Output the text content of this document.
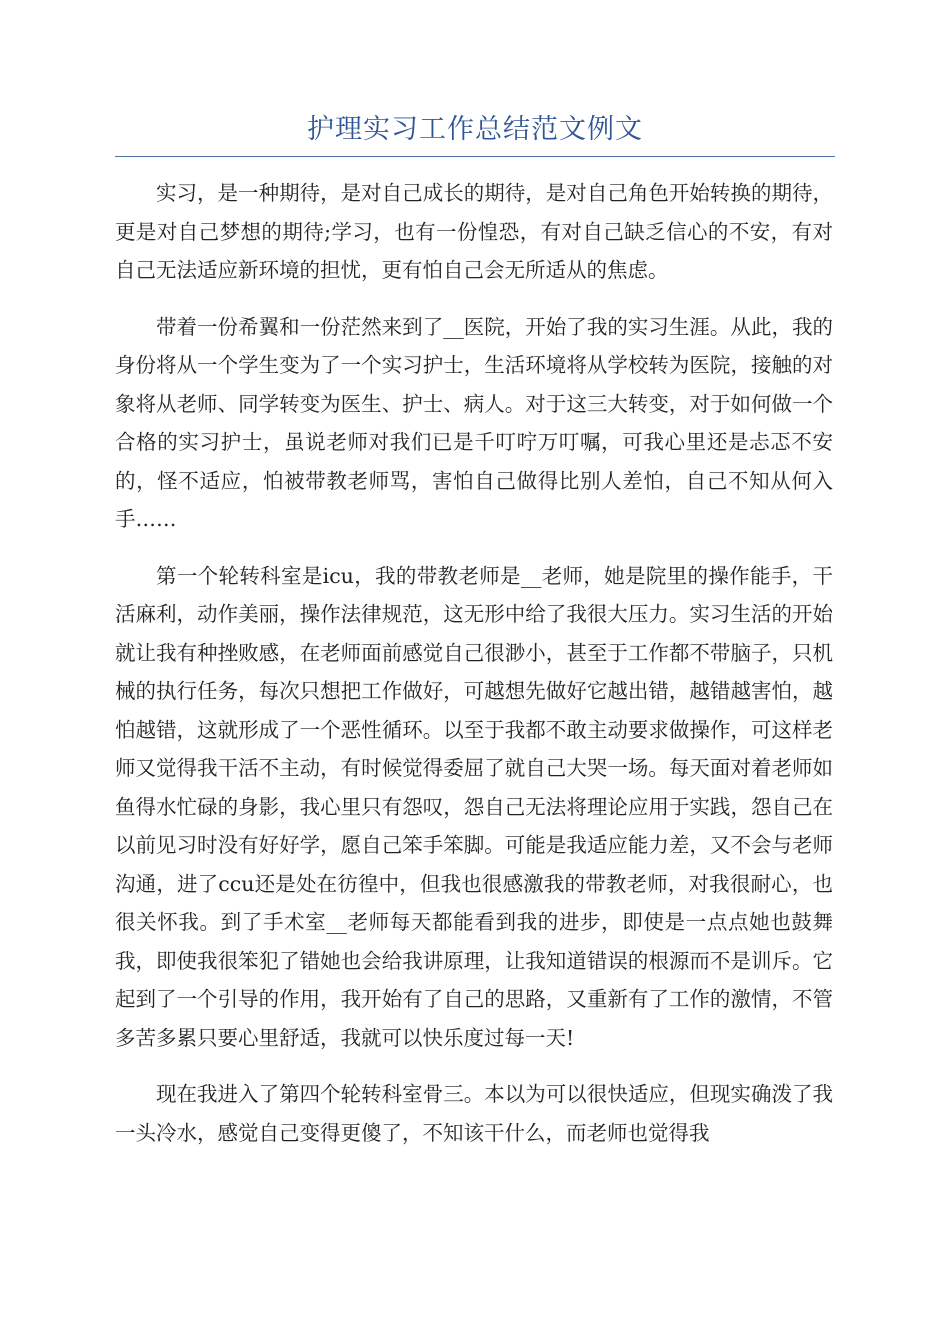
护理实习工作总结范文例文

实习，是一种期待，是对自己成长的期待，是对自己角色开始转换的期待，更是对自己梦想的期待;学习，也有一份惶恐，有对自己缺乏信心的不安，有对自己无法适应新环境的担忧，更有怕自己会无所适从的焦虑。

带着一份希翼和一份茫然来到了__医院，开始了我的实习生涯。从此，我的身份将从一个学生变为了一个实习护士，生活环境将从学校转为医院，接触的对象将从老师、同学转变为医生、护士、病人。对于这三大转变，对于如何做一个合格的实习护士，虽说老师对我们已是千叮咛万叮嘱，可我心里还是忐忑不安的，怪不适应，怕被带教老师骂，害怕自己做得比别人差怕，自己不知从何入手……

第一个轮转科室是icu，我的带教老师是__老师，她是院里的操作能手，干活麻利，动作美丽，操作法律规范，这无形中给了我很大压力。实习生活的开始就让我有种挫败感，在老师面前感觉自己很渺小，甚至于工作都不带脑子，只机械的执行任务，每次只想把工作做好，可越想先做好它越出错，越错越害怕，越怕越错，这就形成了一个恶性循环。以至于我都不敢主动要求做操作，可这样老师又觉得我干活不主动，有时候觉得委屈了就自己大哭一场。每天面对着老师如鱼得水忙碌的身影，我心里只有怨叹，怨自己无法将理论应用于实践，怨自己在以前见习时没有好好学，愿自己笨手笨脚。可能是我适应能力差，又不会与老师沟通，进了ccu还是处在彷徨中，但我也很感激我的带教老师，对我很耐心，也很关怀我。到了手术室__老师每天都能看到我的进步，即使是一点点她也鼓舞我，即使我很笨犯了错她也会给我讲原理，让我知道错误的根源而不是训斥。它起到了一个引导的作用，我开始有了自己的思路，又重新有了工作的激情，不管多苦多累只要心里舒适，我就可以快乐度过每一天!

现在我进入了第四个轮转科室骨三。本以为可以很快适应，但现实确泼了我一头冷水，感觉自己变得更傻了，不知该干什么，而老师也觉得我
